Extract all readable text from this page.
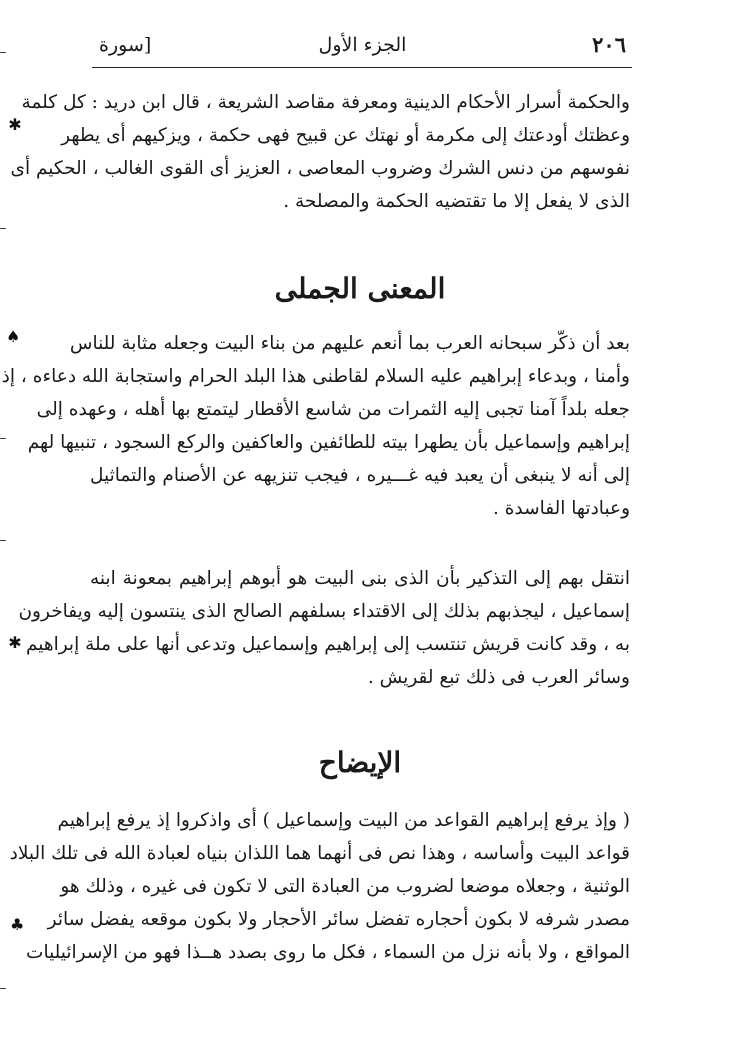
٢٠٦
الجزء الأول
[سورة
والحكمة أسرار الأحكام الدينية ومعرفة مقاصد الشريعة ، قال ابن دريد : كل كلمة
وعظتك أودعتك إلى مكرمة أو نهتك عن قبيح فهى حكمة ، ويزكيهم أى يطهر
نفوسهم من دنس الشرك وضروب المعاصى ، العزيز أى القوى الغالب ، الحكيم أى
الذى لا يفعل إلا ما تقتضيه الحكمة والمصلحة .
المعنى الجملى
بعد أن ذكّر سبحانه العرب بما أنعم عليهم من بناء البيت وجعله مثابة للناس
وأمنا ، وبدعاء إبراهيم عليه السلام لقاطنى هذا البلد الحرام واستجابة الله دعاءه ، إذ
جعله بلداً آمنا تجبى إليه الثمرات من شاسع الأقطار ليتمتع بها أهله ، وعهده إلى
إبراهيم وإسماعيل بأن يطهرا بيته للطائفين والعاكفين والركع السجود ، تنبيها لهم
إلى أنه لا ينبغى أن يعبد فيه غـــيره ، فيجب تنزيهه عن الأصنام والتماثيل
وعبادتها الفاسدة .
انتقل بهم إلى التذكير بأن الذى بنى البيت هو أبوهم إبراهيم بمعونة ابنه
إسماعيل ، ليجذبهم بذلك إلى الاقتداء بسلفهم الصالح الذى ينتسون إليه ويفاخرون
به ، وقد كانت قريش تنتسب إلى إبراهيم وإسماعيل وتدعى أنها على ملة إبراهيم
وسائر العرب فى ذلك تبع لقريش .
الإيضاح
( وإذ يرفع إبراهيم القواعد من البيت وإسماعيل ) أى واذكروا إذ يرفع إبراهيم
قواعد البيت وأساسه ، وهذا نص فى أنهما هما اللذان بنياه لعبادة الله فى تلك البلاد
الوثنية ، وجعلاه موضعا لضروب من العبادة التى لا تكون فى غيره ، وذلك هو
مصدر شرفه لا بكون أحجاره تفضل سائر الأحجار ولا بكون موقعه يفضل سائر
المواقع ، ولا بأنه نزل من السماء ، فكل ما روى بصدد هــذا فهو من الإسرائيليات
✱
♠
✱
♣
